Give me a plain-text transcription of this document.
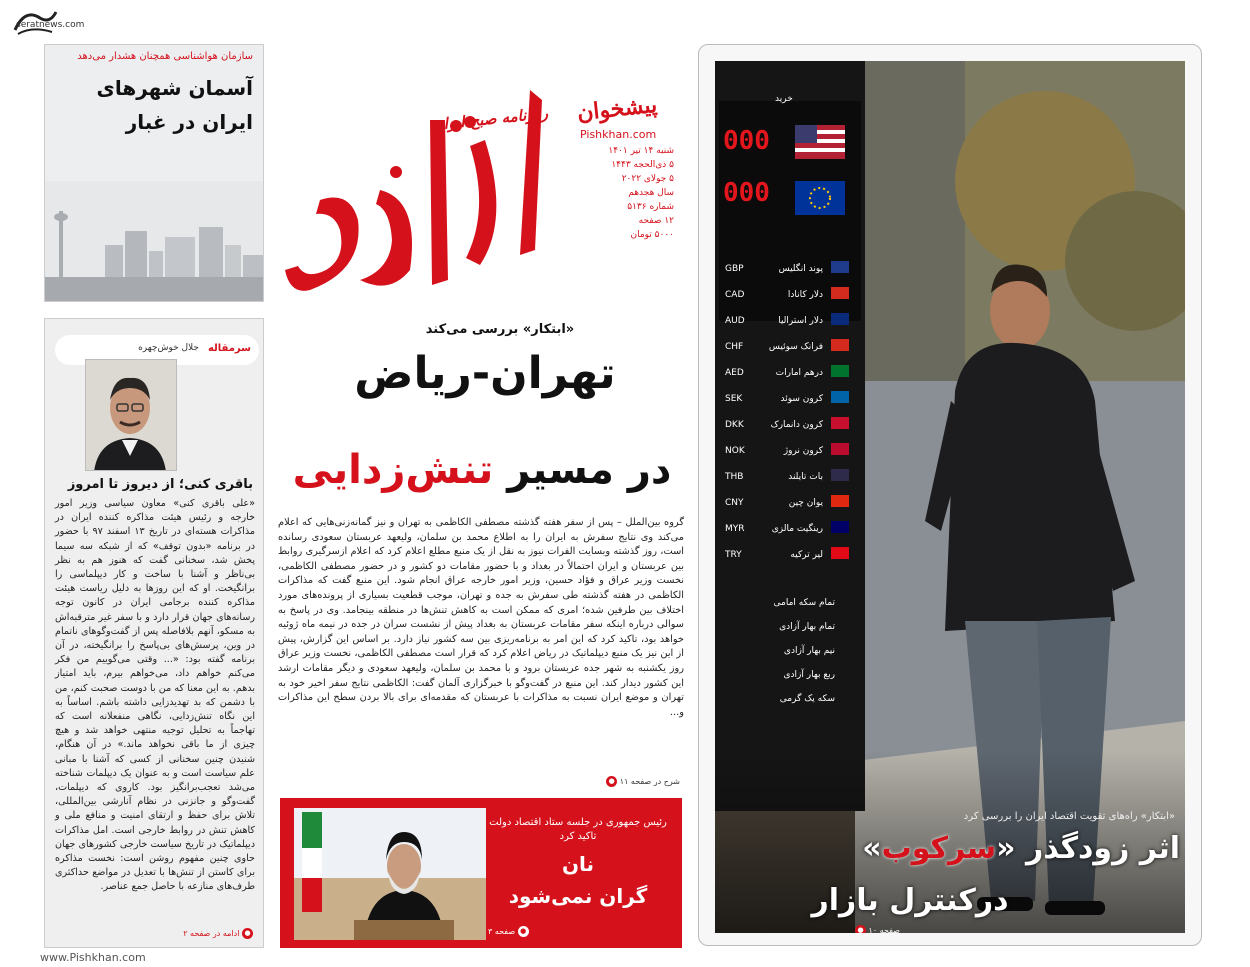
seratnews.com
www.Pishkhan.com
سازمان هواشناسی همچنان هشدار می‌دهد
آسمان شهرهای ایران در غبار	روزنامه صبح ایران پیشخوان
Pishkhan.com
شنبه ۱۴ تیر ۱۴۰۱
۵ ذی‌الحجه ۱۴۴۳
۵ جولای ۲۰۲۲
سال هجدهم
شماره ۵۱۳۶
۱۲ صفحه
۵۰۰۰ تومان
سرمقاله
جلال خوش‌چهره
باقری کنی؛ از دیروز تا امروز
«علی باقری کنی» معاون سیاسی وزیر امور خارجه و رئیس هیئت مذاکره کننده ایران در مذاکرات هسته‌ای در تاریخ ۱۳ اسفند ۹۷ با حضور در برنامه «بدون توقف» که از شبکه سه سیما پخش شد، سخنانی گفت که هنوز هم به نظر بی‌ناظر و آشنا با ساخت و کار دیپلماسی را برانگیخت. او که این روزها به دلیل ریاست هیئت مذاکره کننده برجامی ایران در کانون توجه رسانه‌های جهان قرار دارد و با سفر غیر مترقبه‌اش به مسکو، آنهم بلافاصله پس از گفت‌وگوهای ناتمام در وین، پرسش‌های بی‌پاسخ را برانگیخته، در آن برنامه گفته بود: «... وقتی می‌گوییم من فکر می‌کنم خواهم داد، می‌خواهم بیرم، باید امتیاز بدهم. به این معنا که من با دوست صحبت کنم، من با دشمن که بد تهدیدزایی داشته باشم. اساساً به این نگاه تنش‌زدایی، نگاهی منفعلانه است که تهاجماً به تحلیل توجیه منتهی خواهد شد و هیچ چیزی از ما باقی نخواهد ماند.» در آن هنگام، شنیدن چنین سخنانی از کسی که آشنا با مبانی علم سیاست است و به عنوان یک دیپلمات شناخته می‌شد تعجب‌برانگیز بود. کاروی که دیپلمات، گفت‌وگو و جانزنی در نظام آنارشی بین‌المللی، تلاش برای حفظ و ارتقای امنیت و منافع ملی و کاهش تنش در روابط خارجی است. امل مذاکرات دیپلماتیک در تاریخ سیاست خارجی کشورهای جهان حاوی چنین مفهوم روشن است: نخست مذاکره برای کاستن از تنش‌ها با تعدیل در مواضع حداکثری طرف‌های منازعه با حاصل جمع عناصر.
● ادامه در صفحه ۲
«ابتکار» بررسی می‌کند
تهران-ریاض
در مسیر تنش‌زدایی
گروه بین‌الملل – پس از سفر هفته گذشته مصطفی الکاظمی به تهران و نیز گمانه‌زنی‌هایی که اعلام می‌کند وی نتایج سفرش به ایران را به اطلاع محمد بن سلمان، ولیعهد عربستان سعودی رسانده است، روز گذشته وبسایت الفرات نیوز به نقل از یک منبع مطلع اعلام کرد که اعلام ازسرگیری روابط بین عربستان و ایران احتمالاً در بغداد و با حضور مقامات دو کشور و در حضور مصطفی الکاظمی، نخست وزیر عراق و فؤاد حسین، وزیر امور خارجه عراق انجام شود. این منبع گفت که مذاکرات الکاظمی در هفته گذشته طی سفرش به جده و تهران، موجب قطعیت بسیاری از پرونده‌های مورد اختلاف بین طرفین شده؛ امری که ممکن است به کاهش تنش‌ها در منطقه بینجامد. وی در پاسخ به سوالی درباره اینکه سفر مقامات عربستان به بغداد پیش از نشست سران در جده در نیمه ماه ژوئیه خواهد بود، تاکید کرد که این امر به برنامه‌ریزی بین سه کشور نیاز دارد. بر اساس این گزارش، پیش از این نیز یک منبع دیپلماتیک در ریاض اعلام کرد که قرار است مصطفی الکاظمی، نخست وزیر عراق روز یکشنبه به شهر جده عربستان برود و با محمد بن سلمان، ولیعهد سعودی و دیگر مقامات ارشد این کشور دیدار کند. این منبع در گفت‌وگو با خبرگزاری آلمان گفت: الکاظمی نتایج سفر اخیر خود به تهران و موضع ایران نسبت به مذاکرات با عربستان که مقدمه‌ای برای بالا بردن سطح این مذاکرات و...
شرح در صفحه ۱۱ ●
رئیس جمهوری در جلسه ستاد اقتصاد دولت تاکید کرد
نان
گران نمی‌شود
● صفحه ۳
000
000
خرید
GBP	پوند انگلیس
CAD	دلار کانادا
AUD	دلار استرالیا
CHF	فرانک سوئیس
AED	درهم امارات
SEK	کرون سوئد
DKK	کرون دانمارک
NOK	کرون نروژ
THB	بات تایلند
CNY	یوان چین
MYR	رینگیت مالزی
TRY	لیر ترکیه
تمام سکه امامی
تمام بهار آزادی
نیم بهار آزادی
ربع بهار آزادی
سکه یک گرمی
«ابتکار» راه‌های تقویت اقتصاد ایران را بررسی کرد
اثر زودگذر «سرکوب»
درکنترل بازار
صفحه ۱۰ ●
